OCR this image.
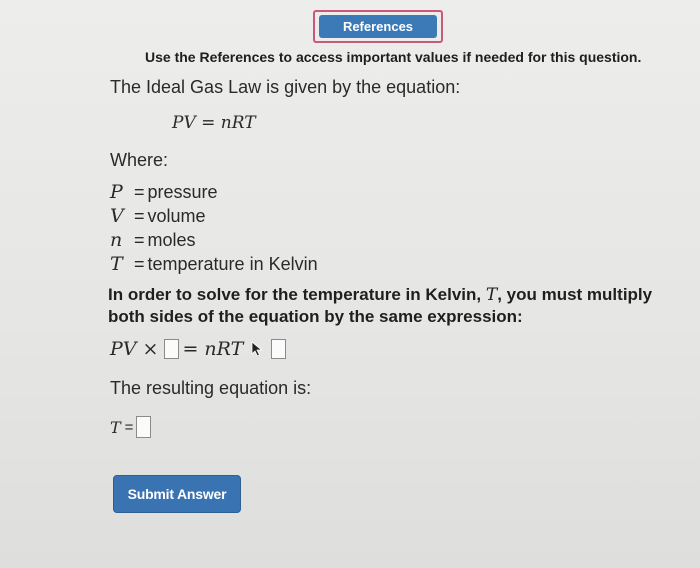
References
Use the References to access important values if needed for this question.
The Ideal Gas Law is given by the equation:
PV = nRT
Where:
P = pressure
V = volume
n = moles
T = temperature in Kelvin
In order to solve for the temperature in Kelvin, T, you must multiply both sides of the equation by the same expression:
PV × = nRT
The resulting equation is:
T =
Submit Answer
